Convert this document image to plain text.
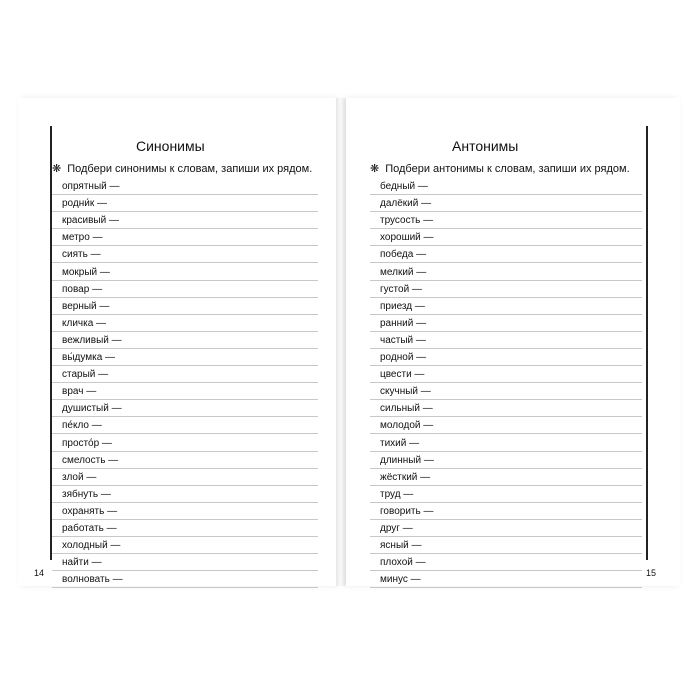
Синонимы
❋ Подбери синонимы к словам, запиши их рядом.
опрятный —
родни́к —
красивый —
метро —
сиять —
мокрый —
повар —
верный —
кличка —
вежливый —
вы́думка —
старый —
врач —
душистый —
пе́кло —
просто́р —
смелость —
злой —
зябнуть —
охранять —
работать —
холодный —
найти —
волновать —
14
Антонимы
❋ Подбери антонимы к словам, запиши их рядом.
бедный —
далёкий —
трусость —
хороший —
победа —
мелкий —
густой —
приезд —
ранний —
частый —
родной —
цвести —
скучный —
сильный —
молодой —
тихий —
длинный —
жёсткий —
труд —
говорить —
друг —
ясный —
плохой —
минус —
15
